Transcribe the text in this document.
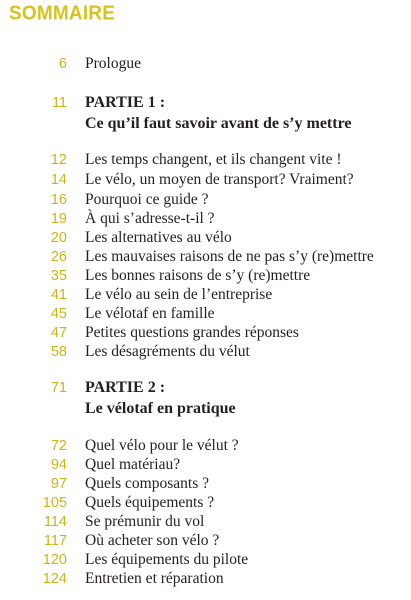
SOMMAIRE
6 Prologue
11 PARTIE 1 :
Ce qu’il faut savoir avant de s’y mettre
12 Les temps changent, et ils changent vite !
14 Le vélo, un moyen de transport? Vraiment?
16 Pourquoi ce guide ?
19 À qui s’adresse-t-il ?
20 Les alternatives au vélo
26 Les mauvaises raisons de ne pas s’y (re)mettre
35 Les bonnes raisons de s’y (re)mettre
41 Le vélo au sein de l’entreprise
45 Le vélotaf en famille
47 Petites questions grandes réponses
58 Les désagréments du vélut
71 PARTIE 2 :
Le vélotaf en pratique
72 Quel vélo pour le vélut ?
94 Quel matériau?
97 Quels composants ?
105 Quels équipements ?
114 Se prémunir du vol
117 Où acheter son vélo ?
120 Les équipements du pilote
124 Entretien et réparation
